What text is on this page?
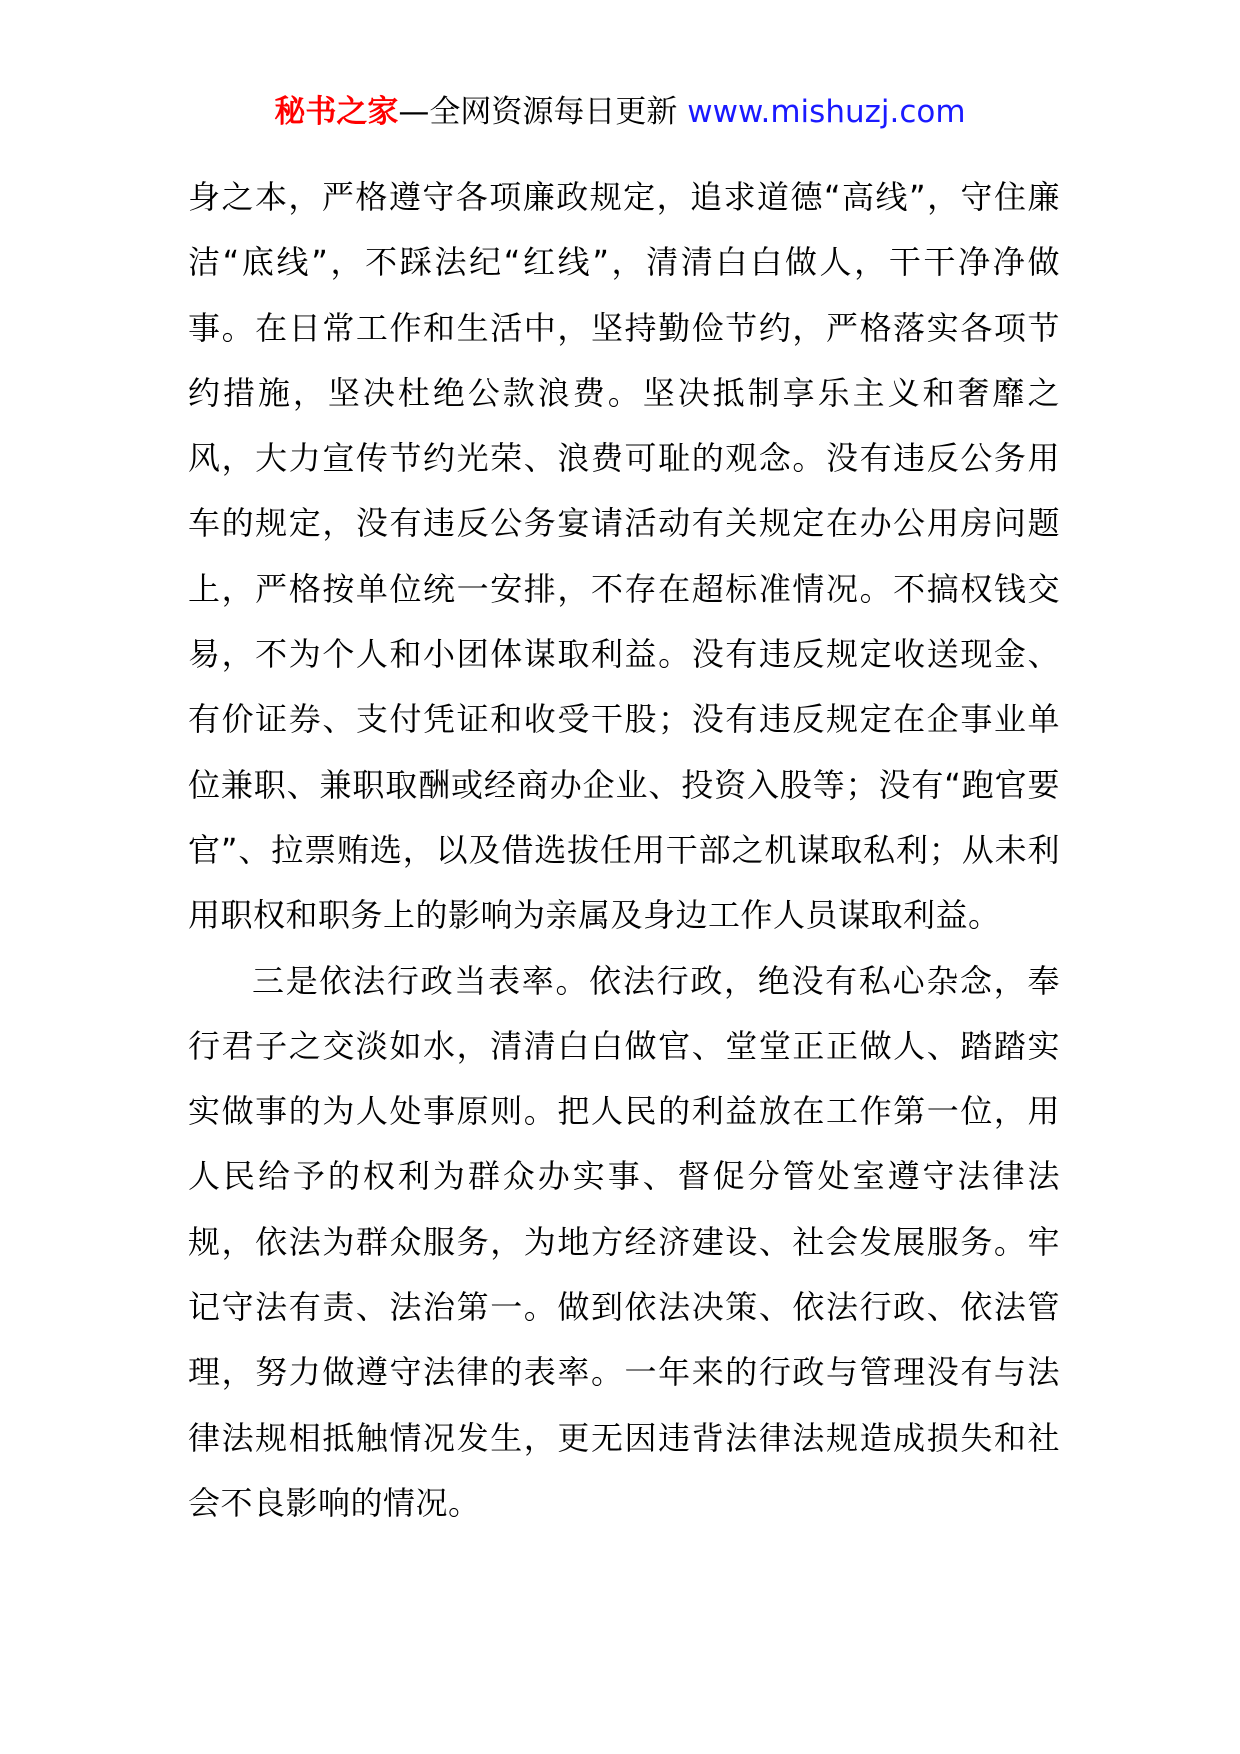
秘书之家—全网资源每日更新 www.mishuzj.com

身之本，严格遵守各项廉政规定，追求道德“高线”，守住廉洁“底线”，不踩法纪“红线”，清清白白做人，干干净净做事。在日常工作和生活中，坚持勤俭节约，严格落实各项节约措施，坚决杜绝公款浪费。坚决抵制享乐主义和奢靡之风，大力宣传节约光荣、浪费可耻的观念。没有违反公务用车的规定，没有违反公务宴请活动有关规定在办公用房问题上，严格按单位统一安排，不存在超标准情况。不搞权钱交易，不为个人和小团体谋取利益。没有违反规定收送现金、有价证券、支付凭证和收受干股；没有违反规定在企事业单位兼职、兼职取酬或经商办企业、投资入股等；没有“跑官要官”、拉票贿选，以及借选拔任用干部之机谋取私利；从未利用职权和职务上的影响为亲属及身边工作人员谋取利益。

三是依法行政当表率。依法行政，绝没有私心杂念，奉行君子之交淡如水，清清白白做官、堂堂正正做人、踏踏实实做事的为人处事原则。把人民的利益放在工作第一位，用人民给予的权利为群众办实事、督促分管处室遵守法律法规，依法为群众服务，为地方经济建设、社会发展服务。牢记守法有责、法治第一。做到依法决策、依法行政、依法管理，努力做遵守法律的表率。一年来的行政与管理没有与法律法规相抵触情况发生，更无因违背法律法规造成损失和社会不良影响的情况。
